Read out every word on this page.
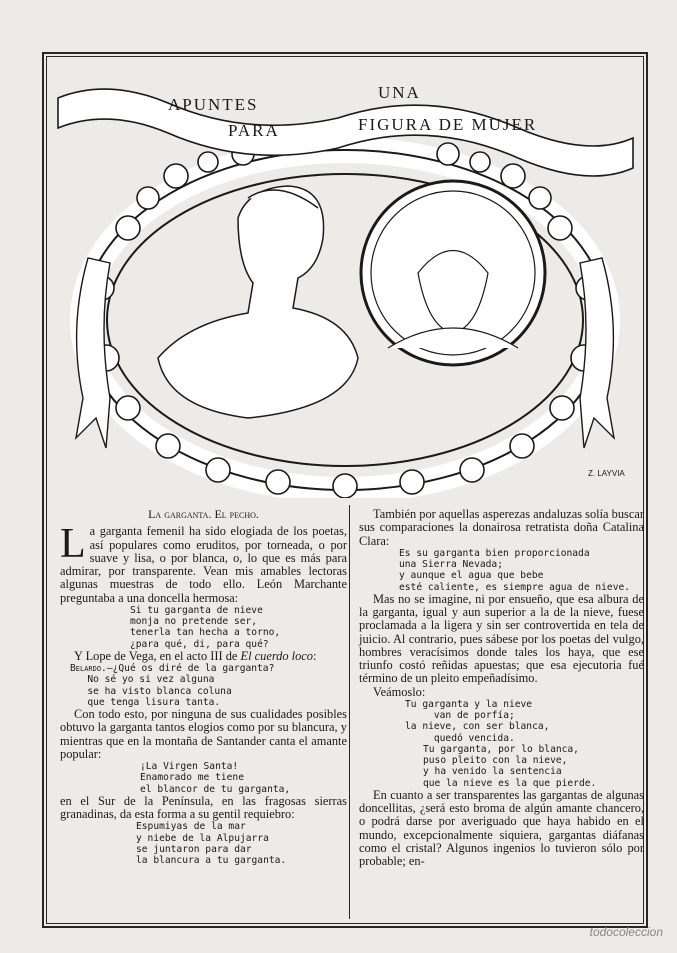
APUNTES
PARA
UNA
FIGURA DE MUJER
Z. LAYVIA

La garganta. El pecho.

La garganta femenil ha sido elogiada de los poetas, así populares como eruditos, por torneada, o por suave y lisa, o por blanca, o, lo que es más para admirar, por transparente. Vean mis amables lectoras algunas muestras de todo ello. León Marchante preguntaba a una doncella hermosa:

Si tu garganta de nieve
monja no pretende ser,
tenerla tan hecha a torno,
¿para qué, di, para qué?

Y Lope de Vega, en el acto III de El cuerdo loco:

Belardo.—¿Qué os diré de la garganta?
No sé yo si vez alguna
se ha visto blanca coluna
que tenga lisura tanta.

Con todo esto, por ninguna de sus cualidades posibles obtuvo la garganta tantos elogios como por su blancura, y mientras que en la montaña de Santander canta el amante popular:

¡La Virgen Santa!
Enamorado me tiene
el blancor de tu garganta,

en el Sur de la Península, en las fragosas sierras granadinas, da esta forma a su gentil requiebro:

Espumiyas de la mar
y niebe de la Alpujarra
se juntaron para dar
la blancura a tu garganta.

También por aquellas asperezas andaluzas solía buscar sus comparaciones la donairosa retratista doña Catalina Clara:

Es su garganta bien proporcionada
una Sierra Nevada;
y aunque el agua que bebe
esté caliente, es siempre agua de nieve.

Mas no se imagine, ni por ensueño, que esa albura de la garganta, igual y aun superior a la de la nieve, fuese proclamada a la ligera y sin ser controvertida en tela de juicio. Al contrario, pues sábese por los poetas del vulgo, hombres veracísimos donde tales los haya, que ese triunfo costó reñidas apuestas; que esa ejecutoria fué término de un pleito empeñadísimo.

Veámoslo:

Tu garganta y la nieve
van de porfía;
la nieve, con ser blanca,
quedó vencida.

Tu garganta, por lo blanca,
puso pleito con la nieve,
y ha venido la sentencia
que la nieve es la que pierde.

En cuanto a ser transparentes las gargantas de algunas doncellitas, ¿será esto broma de algún amante chancero, o podrá darse por averiguado que haya habido en el mundo, excepcionalmente siquiera, gargantas diáfanas como el cristal? Algunos ingenios lo tuvieron sólo por probable; en-

todocoleccion
